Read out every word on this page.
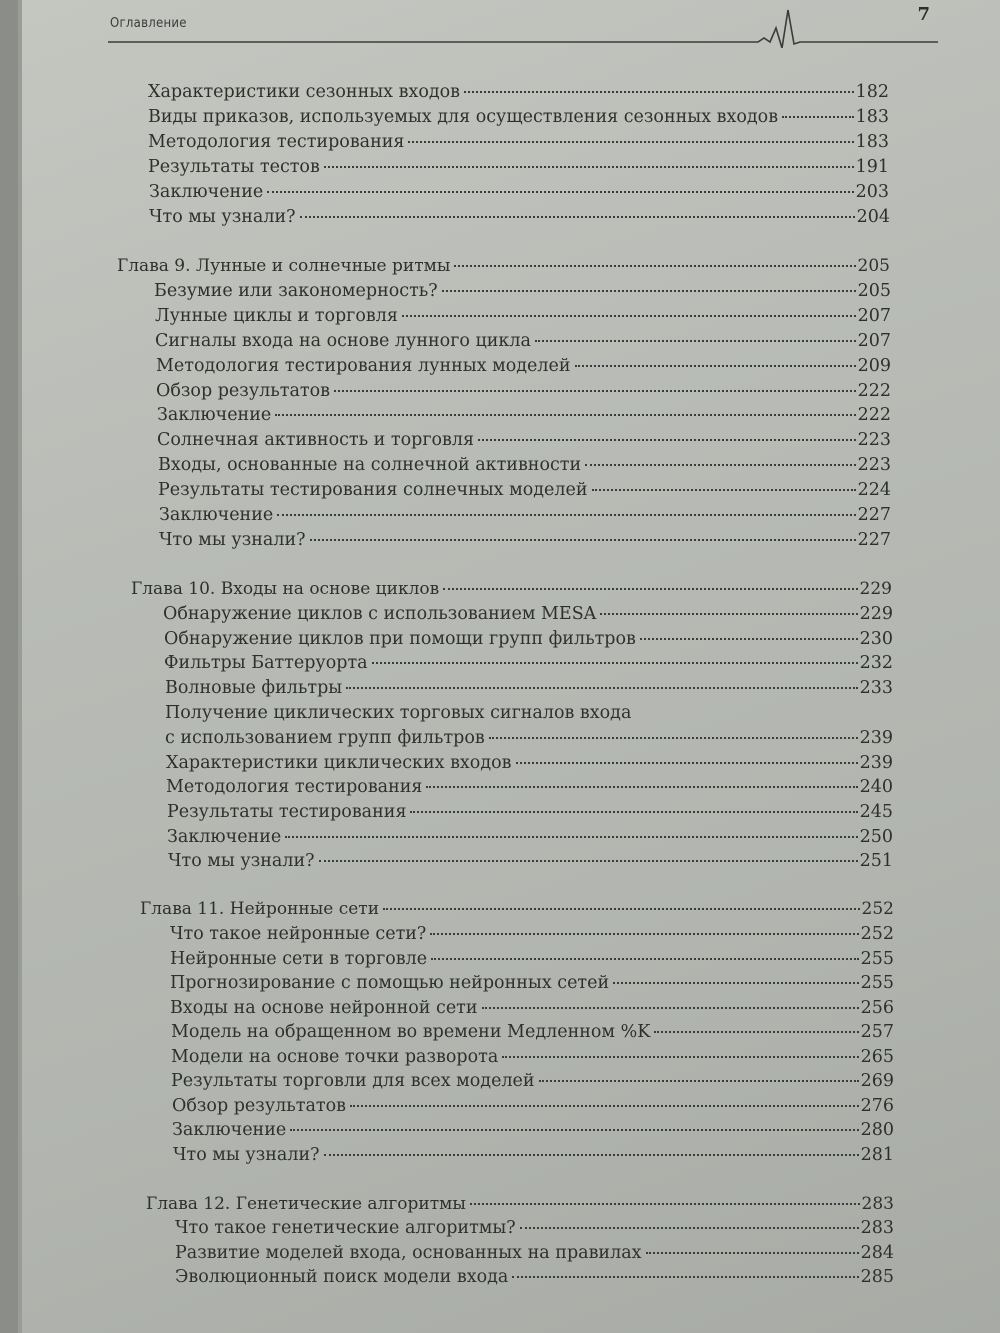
Оглавление	7
Характеристики сезонных входов	182
Виды приказов, используемых для осуществления сезонных входов	183
Методология тестирования	183
Результаты тестов	191
Заключение	203
Что мы узнали?	204
Глава 9. Лунные и солнечные ритмы	205
Безумие или закономерность?	205
Лунные циклы и торговля	207
Сигналы входа на основе лунного цикла	207
Методология тестирования лунных моделей	209
Обзор результатов	222
Заключение	222
Солнечная активность и торговля	223
Входы, основанные на солнечной активности	223
Результаты тестирования солнечных моделей	224
Заключение	227
Что мы узнали?	227
Глава 10. Входы на основе циклов	229
Обнаружение циклов с использованием MESA	229
Обнаружение циклов при помощи групп фильтров	230
Фильтры Баттеруорта	232
Волновые фильтры	233
Получение циклических торговых сигналов входа
с использованием групп фильтров	239
Характеристики циклических входов	239
Методология тестирования	240
Результаты тестирования	245
Заключение	250
Что мы узнали?	251
Глава 11. Нейронные сети	252
Что такое нейронные сети?	252
Нейронные сети в торговле	255
Прогнозирование с помощью нейронных сетей	255
Входы на основе нейронной сети	256
Модель на обращенном во времени Медленном %K	257
Модели на основе точки разворота	265
Результаты торговли для всех моделей	269
Обзор результатов	276
Заключение	280
Что мы узнали?	281
Глава 12. Генетические алгоритмы	283
Что такое генетические алгоритмы?	283
Развитие моделей входа, основанных на правилах	284
Эволюционный поиск модели входа	285
